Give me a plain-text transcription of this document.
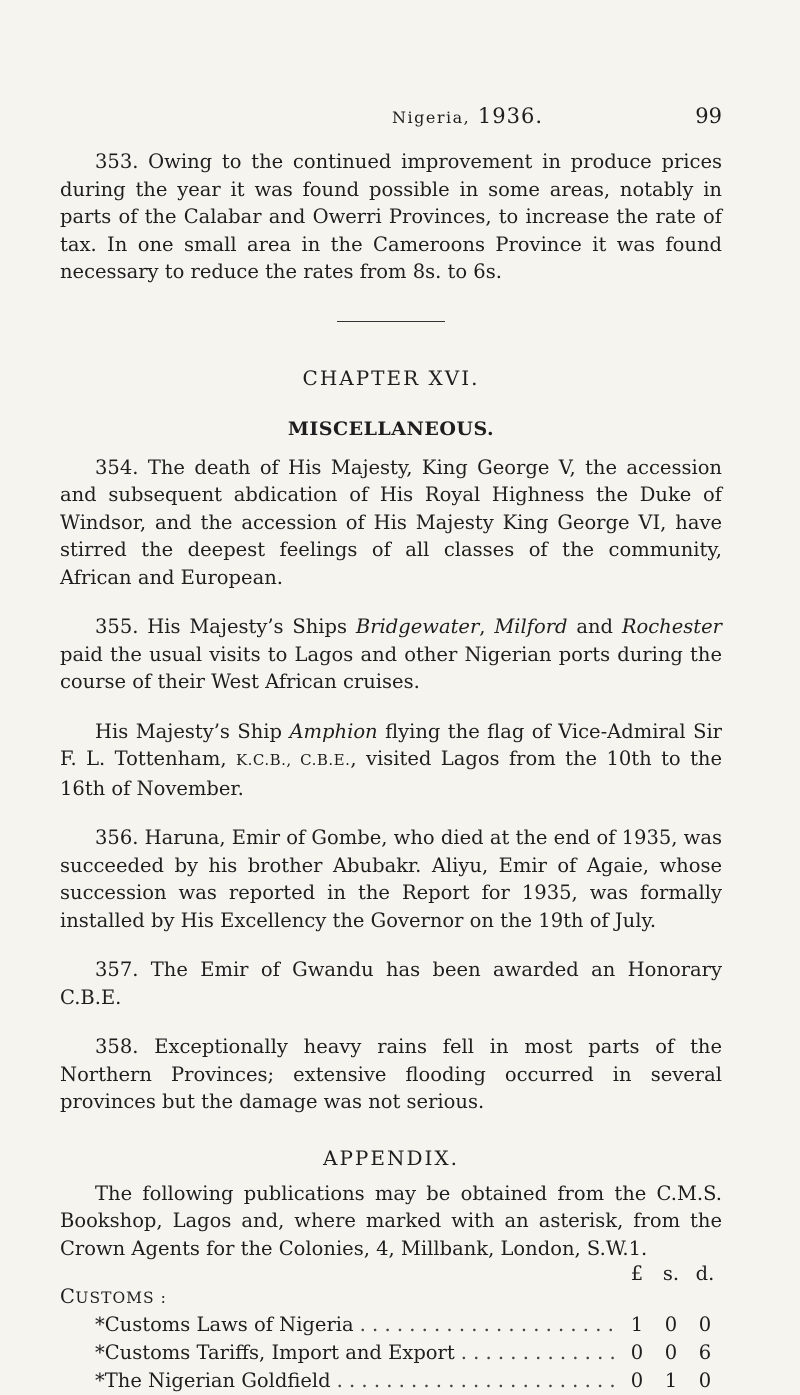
Nigeria, 1936.	99

353. Owing to the continued improvement in produce prices during the year it was found possible in some areas, notably in parts of the Calabar and Owerri Provinces, to increase the rate of tax. In one small area in the Cameroons Province it was found necessary to reduce the rates from 8s. to 6s.

CHAPTER XVI.
MISCELLANEOUS.

354. The death of His Majesty, King George V, the accession and subsequent abdication of His Royal Highness the Duke of Windsor, and the accession of His Majesty King George VI, have stirred the deepest feelings of all classes of the community, African and European.

355. His Majesty’s Ships Bridgewater, Milford and Rochester paid the usual visits to Lagos and other Nigerian ports during the course of their West African cruises.

His Majesty’s Ship Amphion flying the flag of Vice-Admiral Sir F. L. Tottenham, K.C.B., C.B.E., visited Lagos from the 10th to the 16th of November.

356. Haruna, Emir of Gombe, who died at the end of 1935, was succeeded by his brother Abubakr. Aliyu, Emir of Agaie, whose succession was reported in the Report for 1935, was formally installed by His Excellency the Governor on the 19th of July.

357. The Emir of Gwandu has been awarded an Honorary C.B.E.

358. Exceptionally heavy rains fell in most parts of the Northern Provinces; extensive flooding occurred in several provinces but the damage was not serious.

APPENDIX.

The following publications may be obtained from the C.M.S. Bookshop, Lagos and, where marked with an asterisk, from the Crown Agents for the Colonies, 4, Millbank, London, S.W.1.

£	s. d.
CUSTOMS :
*Customs Laws of Nigeria . . .	1	0	0
*Customs Tariffs, Import and Export . . .	0	0	6
*The Nigerian Goldfield . . .	0	1	0
